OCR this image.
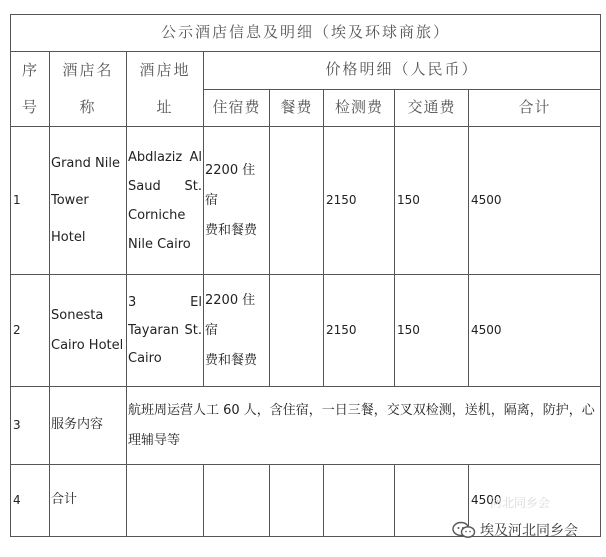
公示酒店信息及明细（埃及环球商旅）							

序号	酒店名称	酒店地址	价格明细（人民币）				
			住宿费	餐费	检测费	交通费	合计
1	Grand Nile
Tower
Hotel	Abdlaziz Al
Saud St.
Corniche
Nile Cairo	2200 住宿
费和餐费		2150	150	4500
2	Sonesta
Cairo Hotel	3 El
Tayaran St.
Cairo	2200 住宿
费和餐费		2150	150	4500
3	服务内容	航班周运营人工 60 人，含住宿，一日三餐，交叉双检测，送机，隔离，防护，心理辅导等					
4	合计						4500
河北同乡会
埃及河北同乡会
